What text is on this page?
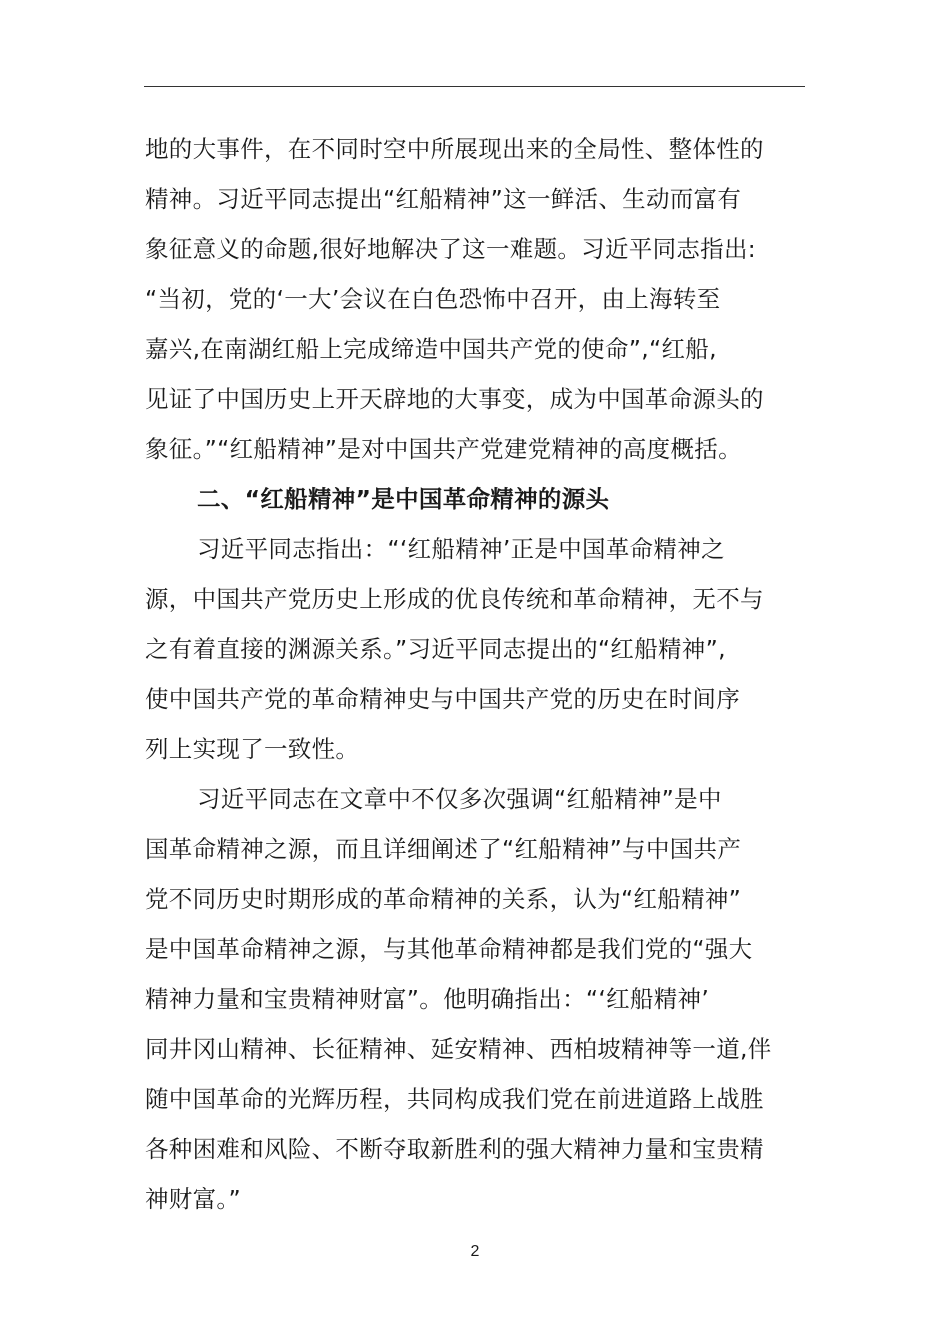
地的大事件，在不同时空中所展现出来的全局性、整体性的
精神。习近平同志提出“红船精神”这一鲜活、生动而富有
象征意义的命题,很好地解决了这一难题。习近平同志指出:
“当初，党的‘一大’会议在白色恐怖中召开，由上海转至
嘉兴,在南湖红船上完成缔造中国共产党的使命”,“红船,
见证了中国历史上开天辟地的大事变，成为中国革命源头的
象征。”“红船精神”是对中国共产党建党精神的高度概括。
二、“红船精神”是中国革命精神的源头
习近平同志指出：“‘红船精神’正是中国革命精神之
源，中国共产党历史上形成的优良传统和革命精神，无不与
之有着直接的渊源关系。”习近平同志提出的“红船精神”,
使中国共产党的革命精神史与中国共产党的历史在时间序
列上实现了一致性。
习近平同志在文章中不仅多次强调“红船精神”是中
国革命精神之源，而且详细阐述了“红船精神”与中国共产
党不同历史时期形成的革命精神的关系，认为“红船精神”
是中国革命精神之源，与其他革命精神都是我们党的“强大
精神力量和宝贵精神财富”。他明确指出：“‘红船精神’
同井冈山精神、长征精神、延安精神、西柏坡精神等一道,伴
随中国革命的光辉历程，共同构成我们党在前进道路上战胜
各种困难和风险、不断夺取新胜利的强大精神力量和宝贵精
神财富。”
2
